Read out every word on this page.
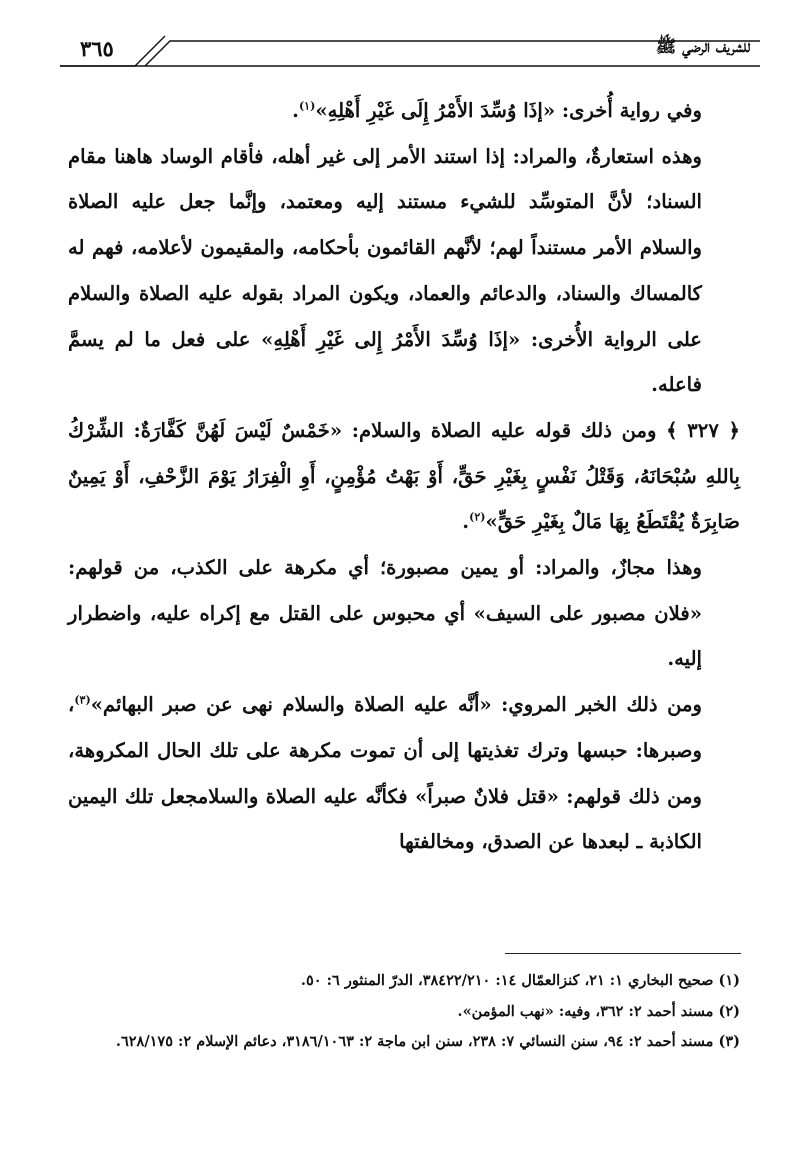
للشريف الرضي ﷺ
٣٦٥

وفي رواية أُخرى: «إذَا وُسِّدَ الأَمْرُ إِلَى غَيْرِ أَهْلِهِ»$^{(١)}$.

وهذه استعارةٌ، والمراد: إذا استند الأمر إلى غير أهله، فأقام الوساد هاهنا مقام السناد؛ لأنَّ المتوسِّد للشيء مستند إليه ومعتمد، وإنَّما جعل عليه الصلاة والسلام الأمر مستنداً لهم؛ لأنَّهم القائمون بأحكامه، والمقيمون لأعلامه، فهم له كالمساك والسناد، والدعائم والعماد، ويكون المراد بقوله عليه الصلاة والسلام على الرواية الأُخرى: «إذَا وُسِّدَ الأَمْرُ إِلى غَيْرِ أَهْلِهِ» على فعل ما لم يسمَّ فاعله.

﴿ ٣٢٧ ﴾ ومن ذلك قوله عليه الصلاة والسلام: «خَمْسٌ لَيْسَ لَهُنَّ كَفَّارَةٌ: الشِّرْكُ بِاللهِ سُبْحَانَهُ، وَقَتْلُ نَفْسٍ بِغَيْرِ حَقٍّ، أَوْ بَهْتُ مُؤْمِنٍ، أَوِ الْفِرَارُ يَوْمَ الزَّحْفِ، أَوْ يَمِينٌ صَابِرَةٌ يُقْتَطَعُ بِهَا مَالٌ بِغَيْرِ حَقٍّ»$^{(٢)}$.

وهذا مجازٌ، والمراد: أو يمين مصبورة؛ أي مكرهة على الكذب، من قولهم: «فلان مصبور على السيف» أي محبوس على القتل مع إكراه عليه، واضطرار إليه.

ومن ذلك الخبر المروي: «أنَّه عليه الصلاة والسلام نهى عن صبر البهائم»$^{(٣)}$، وصبرها: حبسها وترك تغذيتها إلى أن تموت مكرهة على تلك الحال المكروهة، ومن ذلك قولهم: «قتل فلانٌ صبراً» فكأنَّه عليه الصلاة والسلامجعل تلك اليمين الكاذبة ـ لبعدها عن الصدق، ومخالفتها

(١) صحيح البخاري ١: ٢١، كنزالعمّال ١٤: ٣٨٤٢٢/٢١٠، الدرّ المنثور ٦: ٥٠.

(٢) مسند أحمد ٢: ٣٦٢، وفيه: «نهب المؤمن».

(٣) مسند أحمد ٢: ٩٤، سنن النسائي ٧: ٢٣٨، سنن ابن ماجة ٢: ٣١٨٦/١٠٦٣، دعائم الإسلام ٢: ٦٢٨/١٧٥.
